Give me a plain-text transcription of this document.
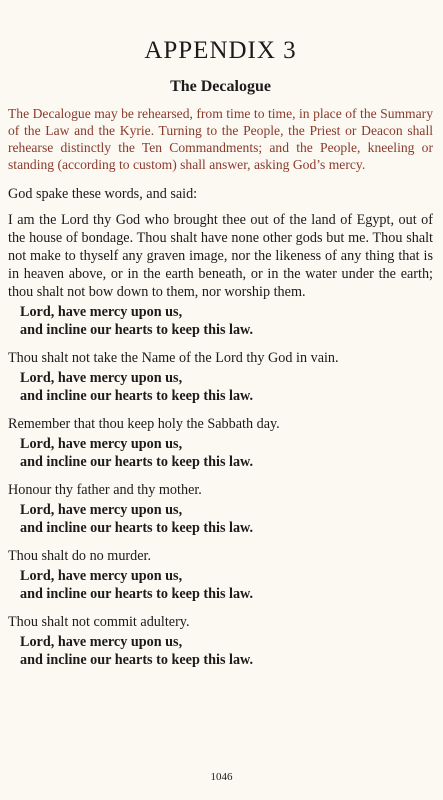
APPENDIX 3
The Decalogue

The Decalogue may be rehearsed, from time to time, in place of the Summary of the Law and the Kyrie. Turning to the People, the Priest or Deacon shall rehearse distinctly the Ten Commandments; and the People, kneeling or standing (according to custom) shall answer, asking God’s mercy.

God spake these words, and said:

I am the Lord thy God who brought thee out of the land of Egypt, out of the house of bondage. Thou shalt have none other gods but me. Thou shalt not make to thyself any graven image, nor the likeness of any thing that is in heaven above, or in the earth beneath, or in the water under the earth; thou shalt not bow down to them, nor worship them.

Lord, have mercy upon us,
and incline our hearts to keep this law.

Thou shalt not take the Name of the Lord thy God in vain.

Lord, have mercy upon us,
and incline our hearts to keep this law.

Remember that thou keep holy the Sabbath day.

Lord, have mercy upon us,
and incline our hearts to keep this law.

Honour thy father and thy mother.

Lord, have mercy upon us,
and incline our hearts to keep this law.

Thou shalt do no murder.

Lord, have mercy upon us,
and incline our hearts to keep this law.

Thou shalt not commit adultery.

Lord, have mercy upon us,
and incline our hearts to keep this law.

1046
